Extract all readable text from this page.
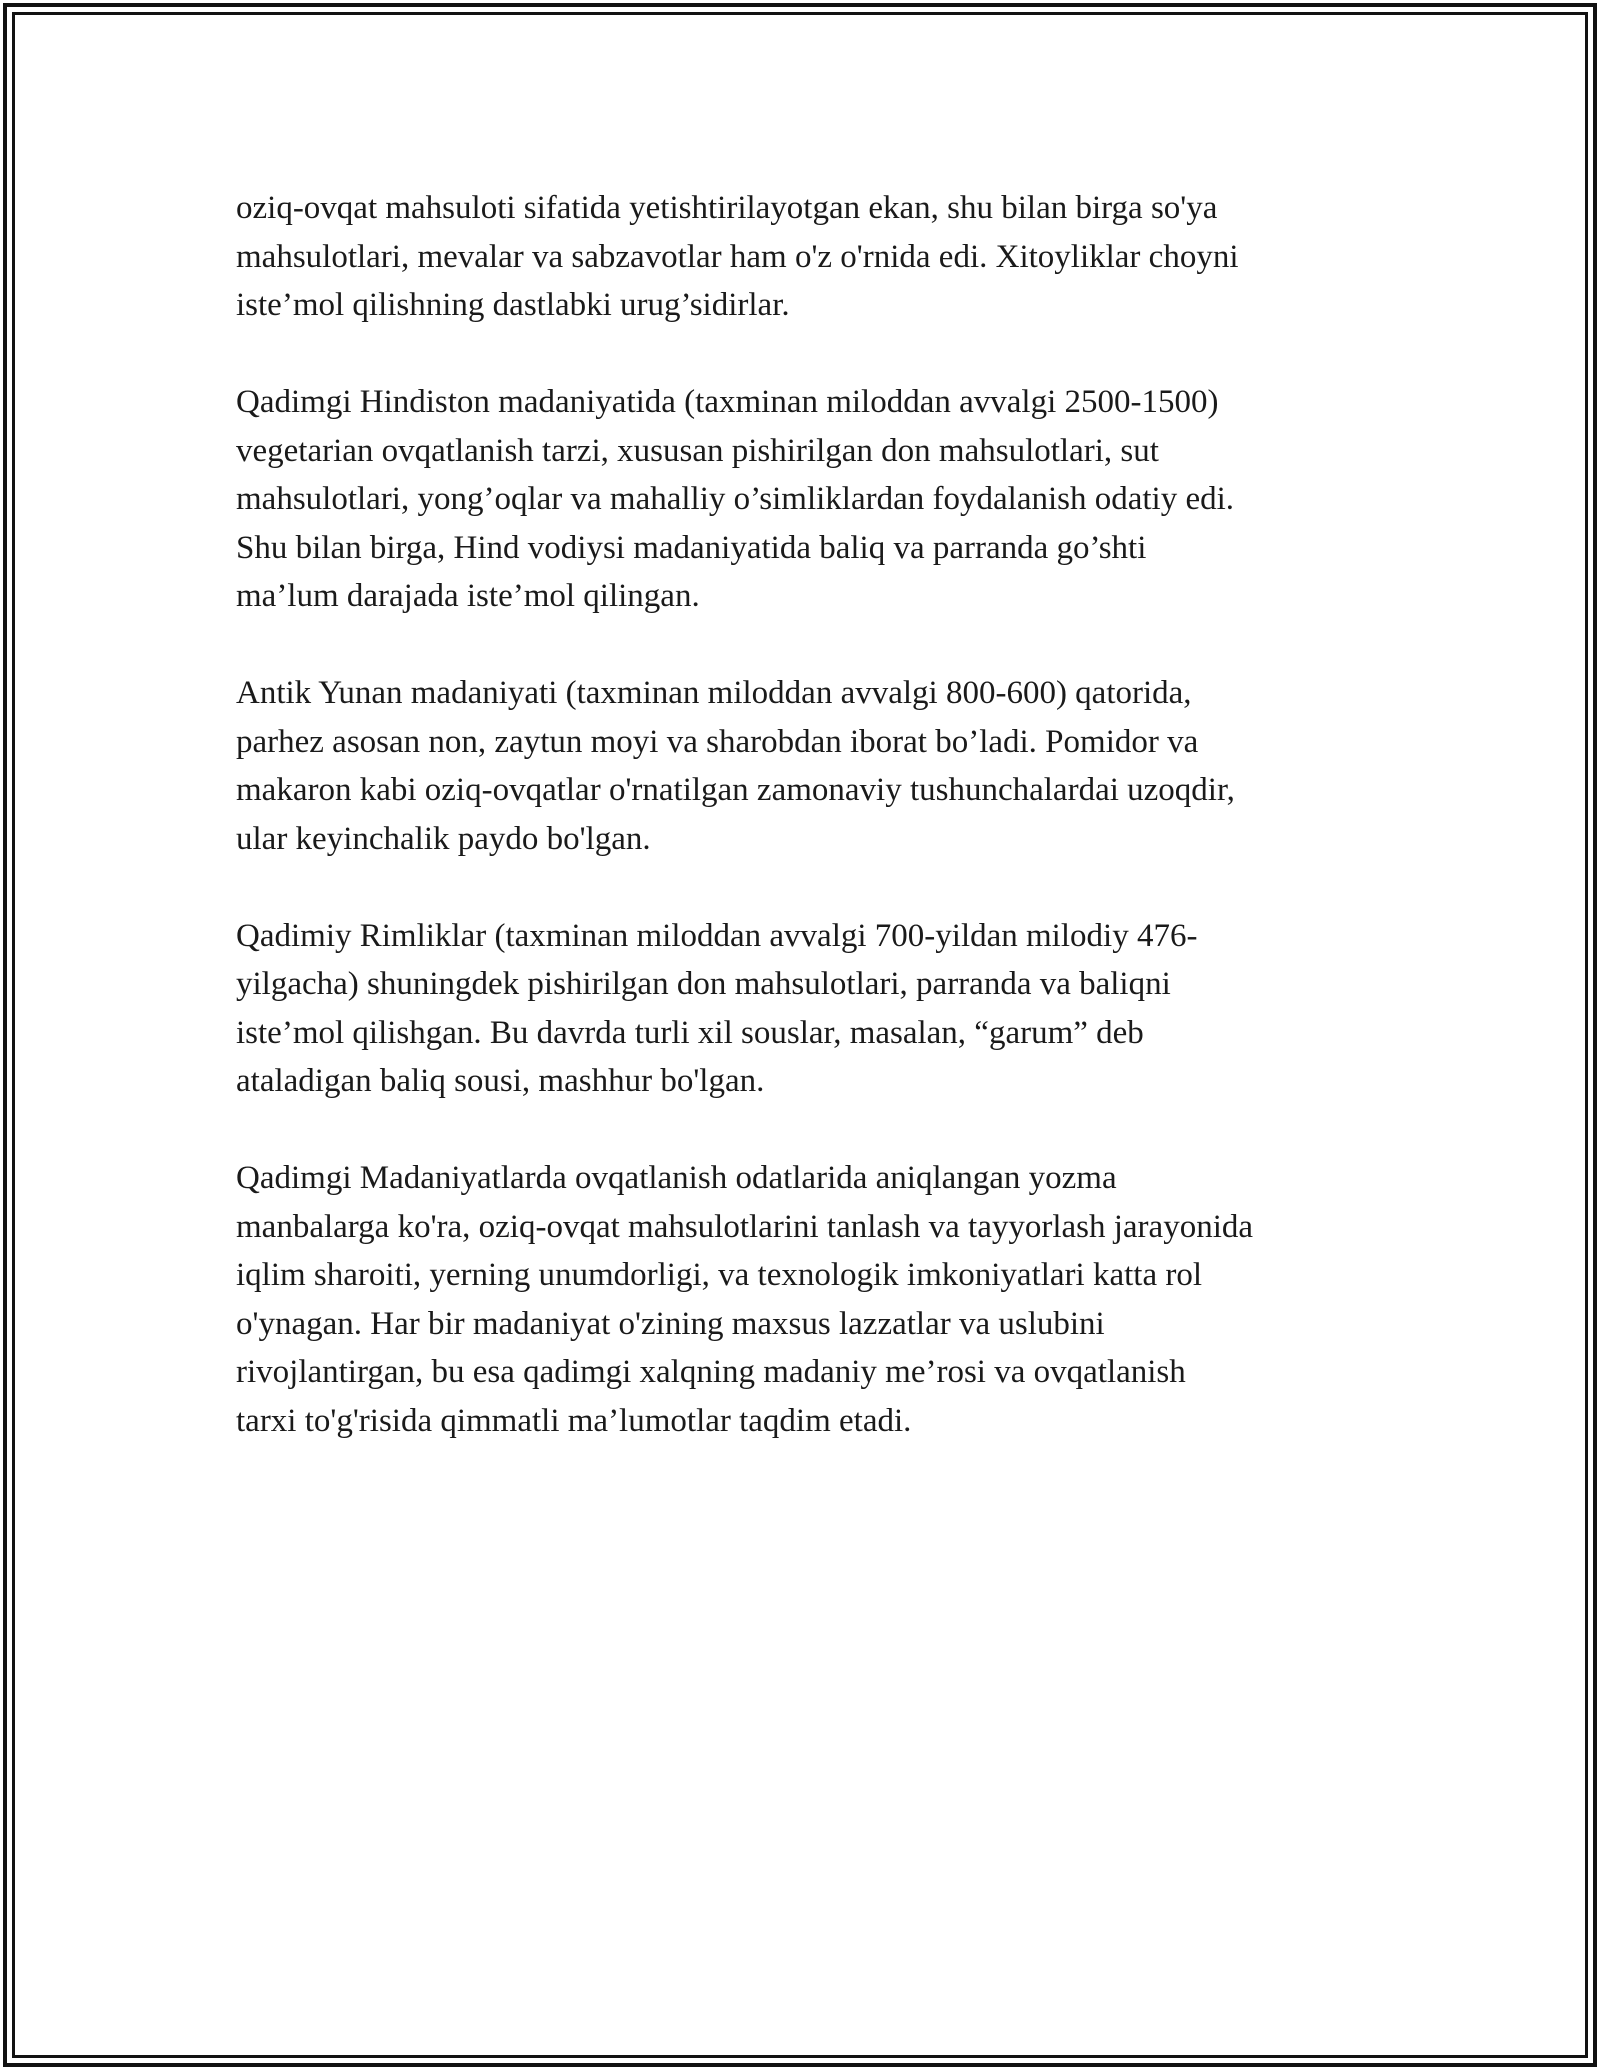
oziq-ovqat mahsuloti sifatida yetishtirilayotgan ekan, shu bilan birga so'ya
mahsulotlari, mevalar va sabzavotlar ham o'z o'rnida edi. Xitoyliklar choyni
iste’mol qilishning dastlabki urug’sidirlar.

Qadimgi Hindiston madaniyatida (taxminan miloddan avvalgi 2500-1500)
vegetarian ovqatlanish tarzi, xususan pishirilgan don mahsulotlari, sut
mahsulotlari, yong’oqlar va mahalliy o’simliklardan foydalanish odatiy edi.
Shu bilan birga, Hind vodiysi madaniyatida baliq va parranda go’shti
ma’lum darajada iste’mol qilingan.

Antik Yunan madaniyati (taxminan miloddan avvalgi 800-600) qatorida,
parhez asosan non, zaytun moyi va sharobdan iborat bo’ladi. Pomidor va
makaron kabi oziq-ovqatlar o'rnatilgan zamonaviy tushunchalardai uzoqdir,
ular keyinchalik paydo bo'lgan.

Qadimiy Rimliklar (taxminan miloddan avvalgi 700-yildan milodiy 476-
yilgacha) shuningdek pishirilgan don mahsulotlari, parranda va baliqni
iste’mol qilishgan. Bu davrda turli xil souslar, masalan, “garum” deb
ataladigan baliq sousi, mashhur bo'lgan.

Qadimgi Madaniyatlarda ovqatlanish odatlarida aniqlangan yozma
manbalarga ko'ra, oziq-ovqat mahsulotlarini tanlash va tayyorlash jarayonida
iqlim sharoiti, yerning unumdorligi, va texnologik imkoniyatlari katta rol
o'ynagan. Har bir madaniyat o'zining maxsus lazzatlar va uslubini
rivojlantirgan, bu esa qadimgi xalqning madaniy me’rosi va ovqatlanish
tarxi to'g'risida qimmatli ma’lumotlar taqdim etadi.
